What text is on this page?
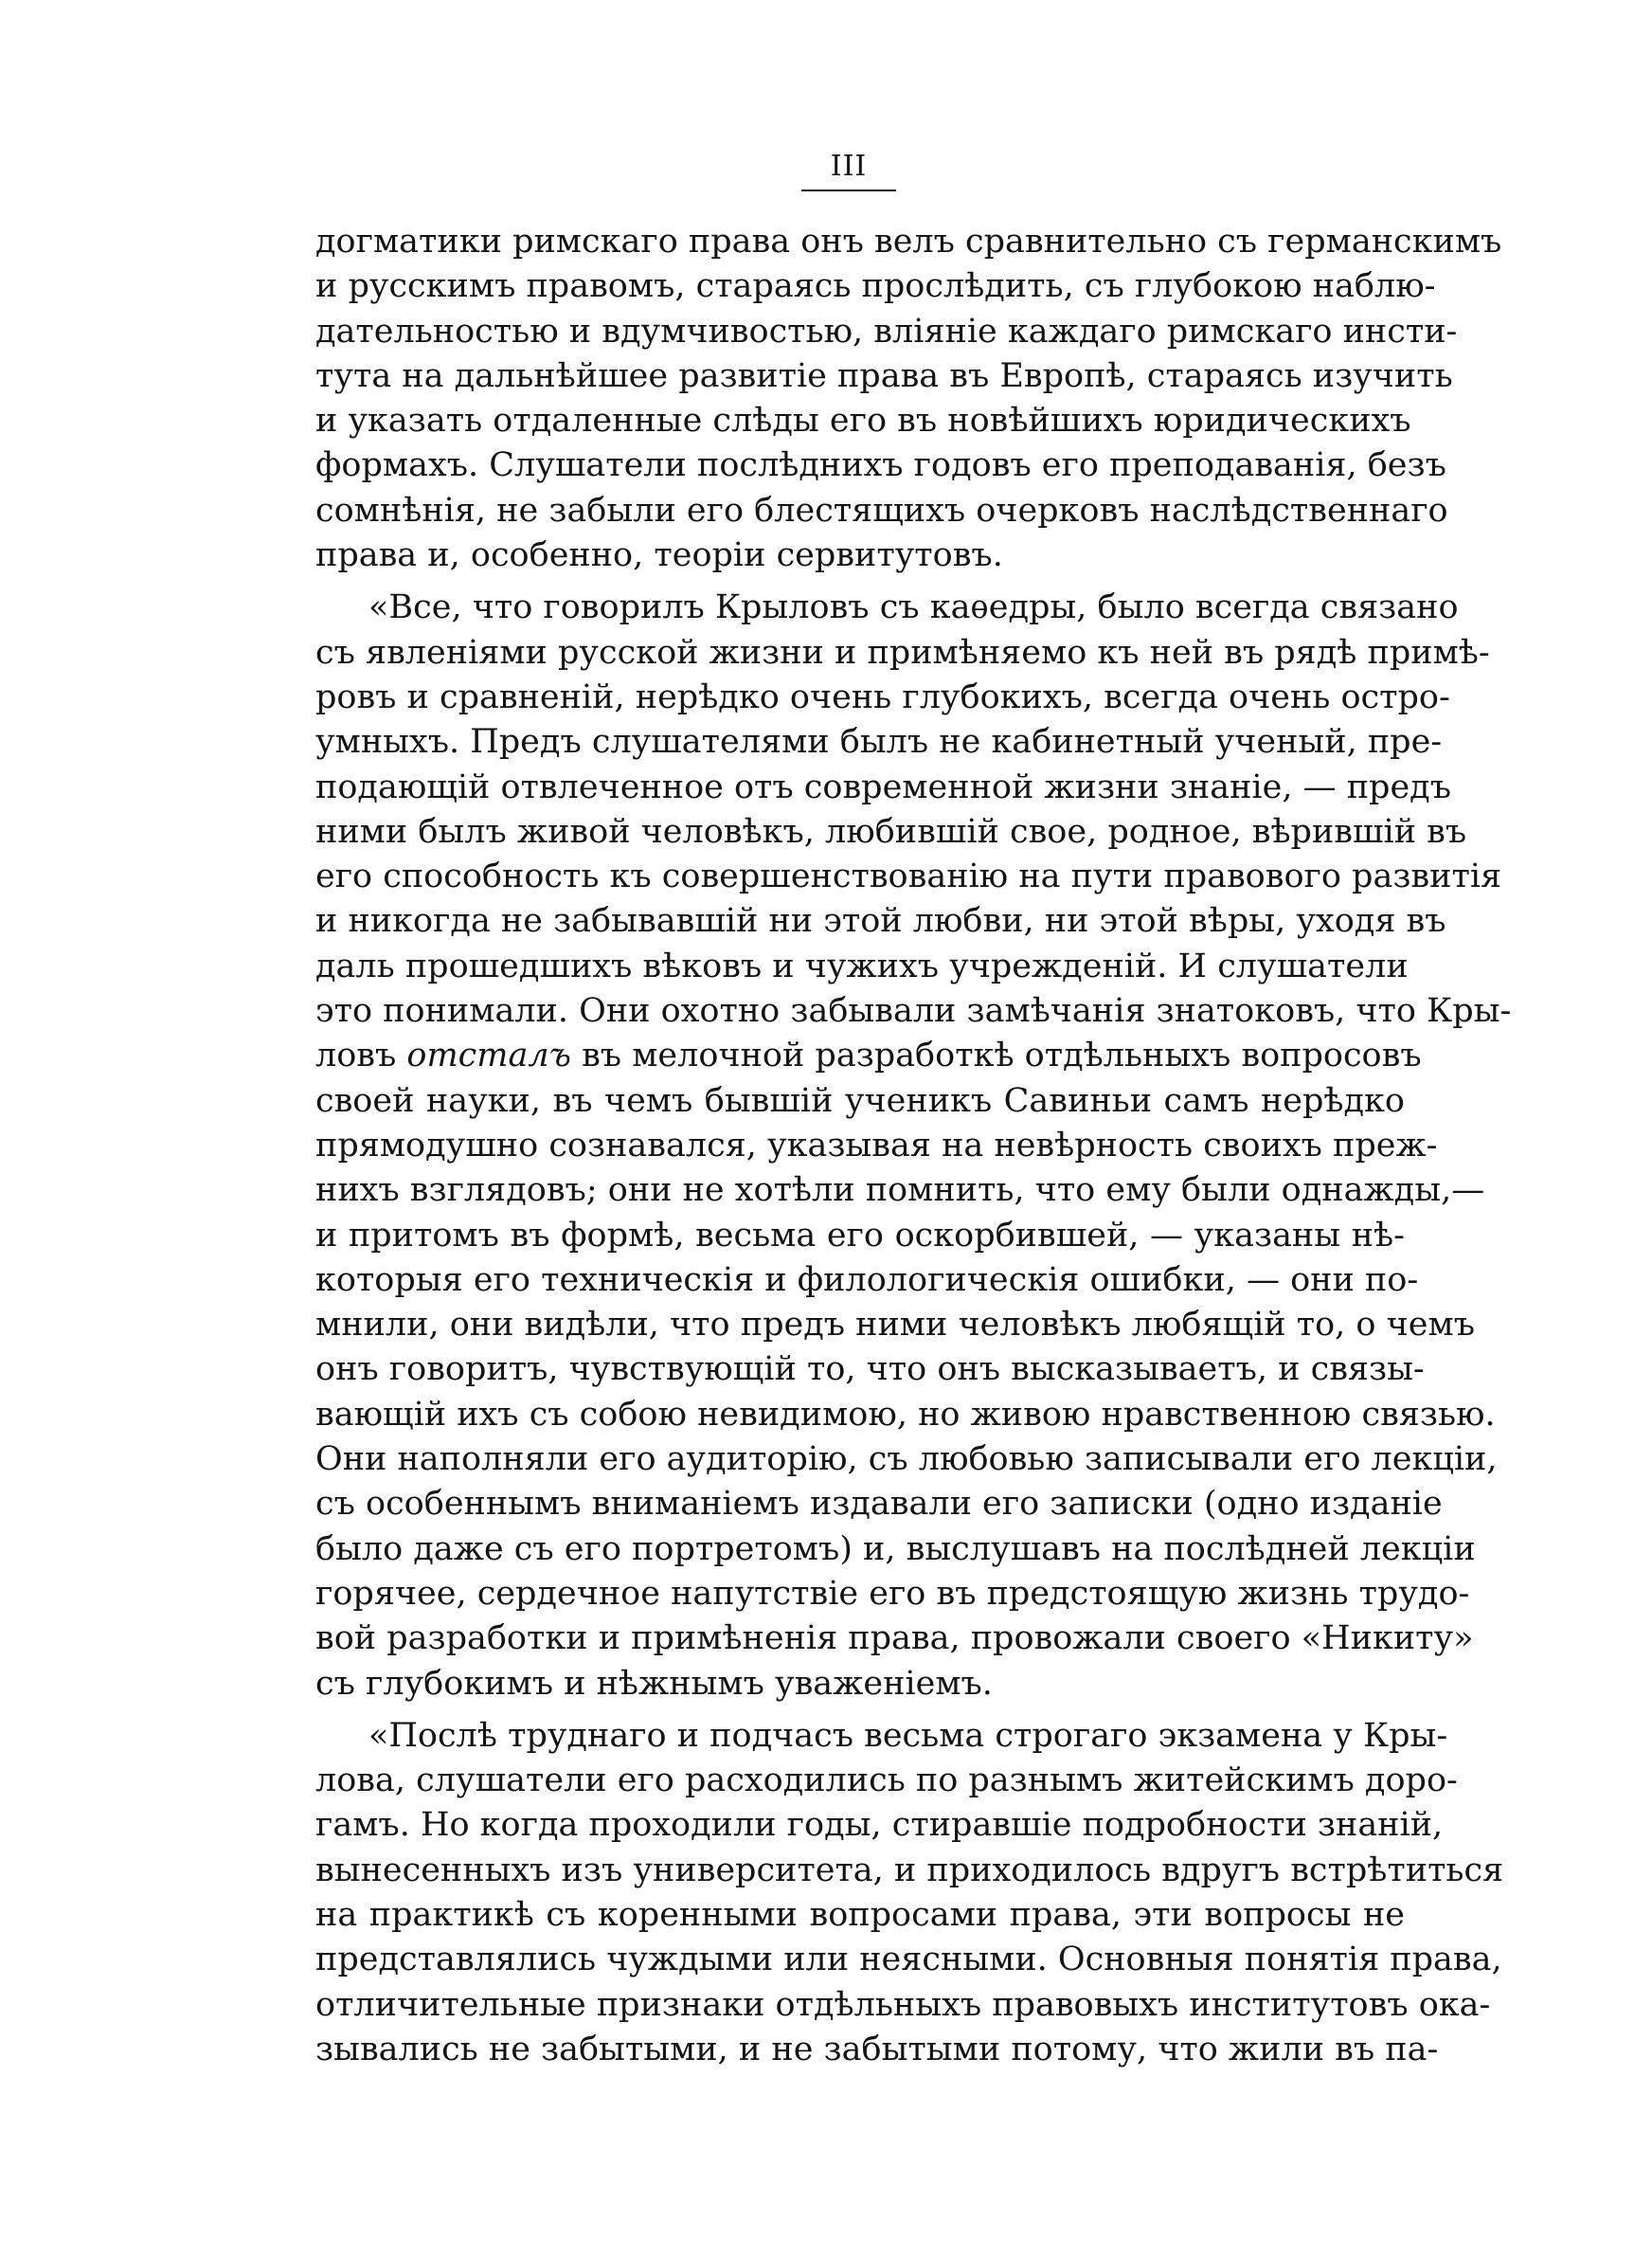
III
догматики римскаго права онъ велъ сравнительно съ германскимъ
и русскимъ правомъ, стараясь прослѣдить, съ глубокою наблю-
дательностью и вдумчивостью, вліяніе каждаго римскаго инсти-
тута на дальнѣйшее развитіе права въ Европѣ, стараясь изучить
и указать отдаленные слѣды его въ новѣйшихъ юридическихъ
формахъ. Слушатели послѣднихъ годовъ его преподаванія, безъ
сомнѣнія, не забыли его блестящихъ очерковъ наслѣдственнаго
права и, особенно, теоріи сервитутовъ.
«Все, что говорилъ Крыловъ съ каѳедры, было всегда связано
съ явленіями русской жизни и примѣняемо къ ней въ рядѣ примѣ-
ровъ и сравненій, нерѣдко очень глубокихъ, всегда очень остро-
умныхъ. Предъ слушателями былъ не кабинетный ученый, пре-
подающій отвлеченное отъ современной жизни знаніе, — предъ
ними былъ живой человѣкъ, любившій свое, родное, вѣрившій въ
его способность къ совершенствованію на пути правового развитія
и никогда не забывавшій ни этой любви, ни этой вѣры, уходя въ
даль прошедшихъ вѣковъ и чужихъ учрежденій. И слушатели
это понимали. Они охотно забывали замѣчанія знатоковъ, что Кры-
ловъ отсталъ въ мелочной разработкѣ отдѣльныхъ вопросовъ
своей науки, въ чемъ бывшій ученикъ Савиньи самъ нерѣдко
прямодушно сознавался, указывая на невѣрность своихъ преж-
нихъ взглядовъ; они не хотѣли помнить, что ему были однажды,—
и притомъ въ формѣ, весьма его оскорбившей, — указаны нѣ-
которыя его техническія и филологическія ошибки, — они по-
мнили, они видѣли, что предъ ними человѣкъ любящій то, о чемъ
онъ говоритъ, чувствующій то, что онъ высказываетъ, и связы-
вающій ихъ съ собою невидимою, но живою нравственною связью.
Они наполняли его аудиторію, съ любовью записывали его лекціи,
съ особеннымъ вниманіемъ издавали его записки (одно изданіе
было даже съ его портретомъ) и, выслушавъ на послѣдней лекціи
горячее, сердечное напутствіе его въ предстоящую жизнь трудо-
вой разработки и примѣненія права, провожали своего «Никиту»
съ глубокимъ и нѣжнымъ уваженіемъ.
«Послѣ труднаго и подчасъ весьма строгаго экзамена у Кры-
лова, слушатели его расходились по разнымъ житейскимъ доро-
гамъ. Но когда проходили годы, стиравшіе подробности знаній,
вынесенныхъ изъ университета, и приходилось вдругъ встрѣтиться
на практикѣ съ коренными вопросами права, эти вопросы не
представлялись чуждыми или неясными. Основныя понятія права,
отличительные признаки отдѣльныхъ правовыхъ институтовъ ока-
зывались не забытыми, и не забытыми потому, что жили въ па-
